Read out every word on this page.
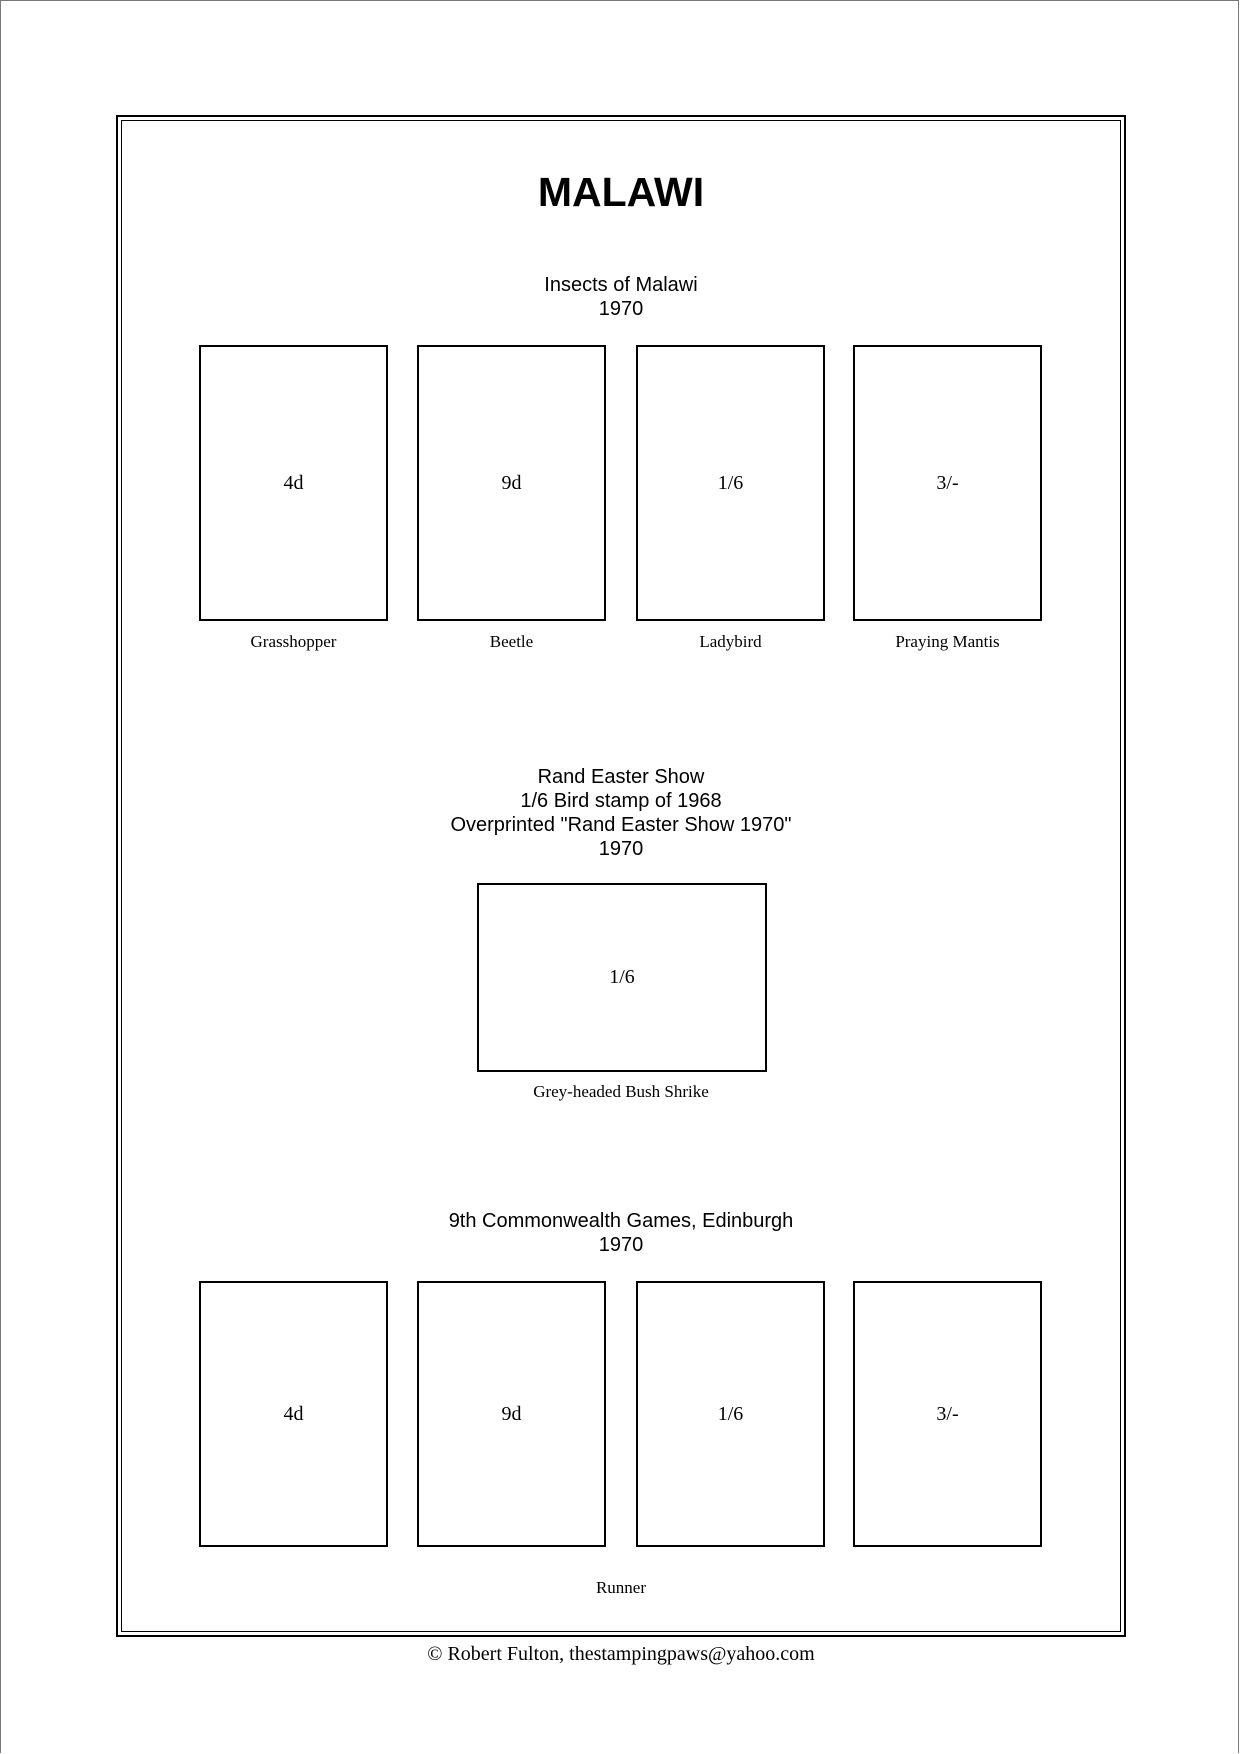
MALAWI
Insects of Malawi
1970
4d	9d	1/6	3/-
Grasshopper	Beetle	Ladybird	Praying Mantis
Rand Easter Show
1/6 Bird stamp of 1968
Overprinted "Rand Easter Show 1970"
1970
1/6
Grey-headed Bush Shrike
9th Commonwealth Games, Edinburgh
1970
4d	9d	1/6	3/-
Runner
© Robert Fulton, thestampingpaws@yahoo.com
